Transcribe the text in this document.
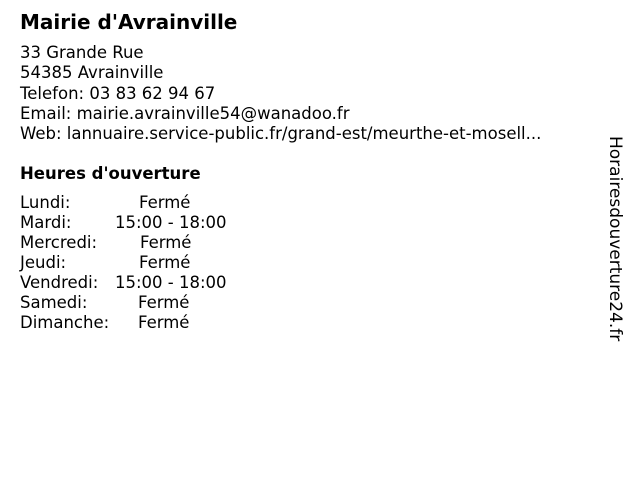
Mairie d'Avrainville
33 Grande Rue
54385 Avrainville
Telefon: 03 83 62 94 67
Email: mairie.avrainville54@wanadoo.fr
Web: lannuaire.service-public.fr/grand-est/meurthe-et-mosell...
Heures d'ouverture
Lundi:	Fermé
Mardi:	15:00 - 18:00
Mercredi:	Fermé
Jeudi:	Fermé
Vendredi: 15:00 - 18:00
Samedi:	Fermé
Dimanche: Fermé	Horairesdouverture24.fr
